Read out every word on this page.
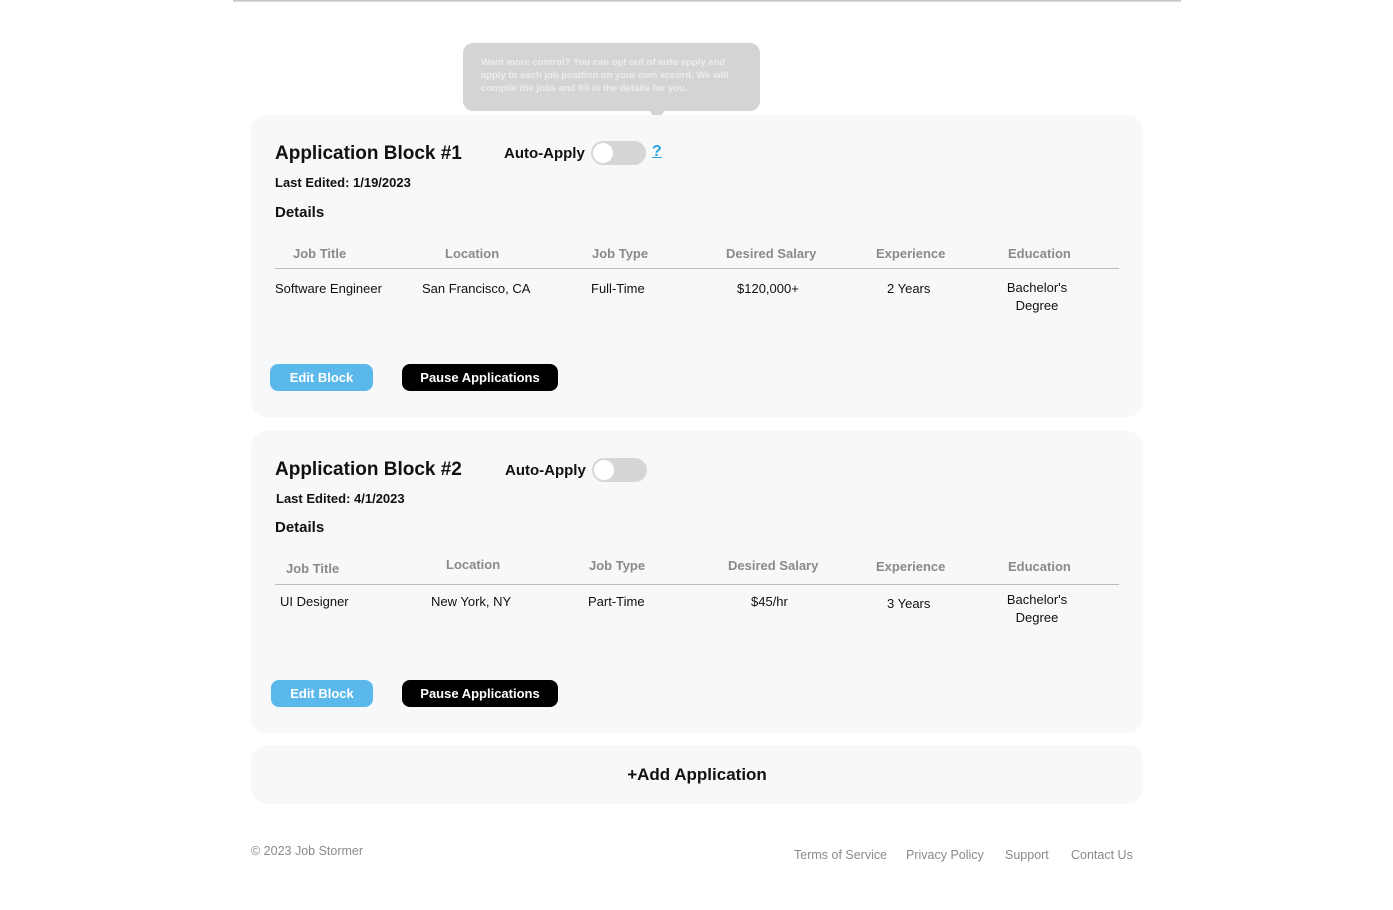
Want more control? You can opt out of auto apply and apply to each job position on your own accord. We will compile the jobs and fill in the details for you.
Application Block #1	Auto-Apply	?
Last Edited: 1/19/2023
Details
Job Title	Location	Job Type	Desired Salary	Experience	Education
Software Engineer	San Francisco, CA	Full-Time	$120,000+	2 Years	Bachelor's
Degree
Edit Block	Pause Applications
Application Block #2	Auto-Apply
Last Edited: 4/1/2023
Details
Job Title	Location	Job Type	Desired Salary	Experience	Education
UI Designer	New York, NY	Part-Time	$45/hr	3 Years	Bachelor's
Degree
Edit Block	Pause Applications
+Add Application
© 2023 Job Stormer	Terms of Service Privacy Policy Support Contact Us
